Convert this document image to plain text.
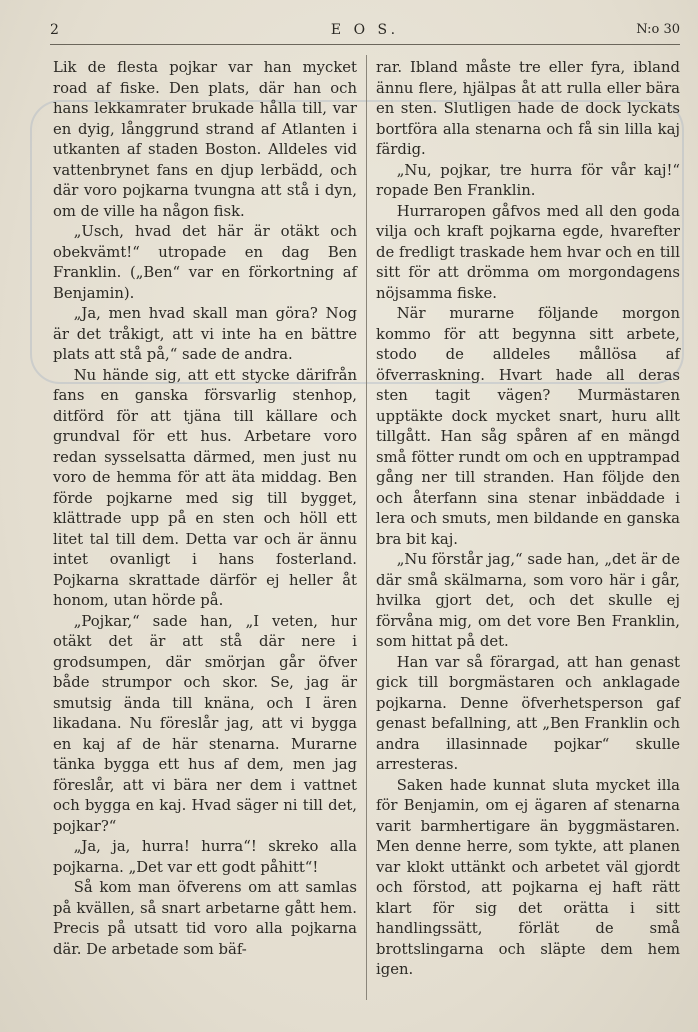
2	E O S.	N:o 30

Lik de flesta pojkar var han mycket road af fiske. Den plats, där han och hans lekkamrater brukade hålla till, var en dyig, långgrund strand af Atlanten i utkanten af staden Boston. Alldeles vid vattenbrynet fans en djup lerbädd, och där voro pojkarna tvungna att stå i dyn, om de ville ha någon fisk.

„Usch, hvad det här är otäkt och obekvämt!“ utropade en dag Ben Franklin. („Ben“ var en förkortning af Benjamin).

„Ja, men hvad skall man göra? Nog är det tråkigt, att vi inte ha en bättre plats att stå på,“ sade de andra.

Nu hände sig, att ett stycke därifrån fans en ganska försvarlig stenhop, ditförd för att tjäna till källare och grundval för ett hus. Arbetare voro redan sysselsatta därmed, men just nu voro de hemma för att äta middag. Ben förde pojkarne med sig till bygget, klättrade upp på en sten och höll ett litet tal till dem. Detta var och är ännu intet ovanligt i hans fosterland. Pojkarna skrattade därför ej heller åt honom, utan hörde på.

„Pojkar,“ sade han, „I veten, hur otäkt det är att stå där nere i grodsumpen, där smörjan går öfver både strumpor och skor. Se, jag är smutsig ända till knäna, och I ären likadana. Nu föreslår jag, att vi bygga en kaj af de här stenarna. Murarne tänka bygga ett hus af dem, men jag föreslår, att vi bära ner dem i vattnet och bygga en kaj. Hvad säger ni till det, pojkar?“

„Ja, ja, hurra! hurra“! skreko alla pojkarna. „Det var ett godt påhitt“!

Så kom man öfverens om att samlas på kvällen, så snart arbetarne gått hem. Precis på utsatt tid voro alla pojkarna där. De arbetade som bäf-

rar. Ibland måste tre eller fyra, ibland ännu flere, hjälpas åt att rulla eller bära en sten. Slutligen hade de dock lyckats bortföra alla stenarna och få sin lilla kaj färdig.

„Nu, pojkar, tre hurra för vår kaj!“ ropade Ben Franklin.

Hurraropen gåfvos med all den goda vilja och kraft pojkarna egde, hvarefter de fredligt traskade hem hvar och en till sitt för att drömma om morgondagens nöjsamma fiske.

När murarne följande morgon kommo för att begynna sitt arbete, stodo de alldeles mållösa af öfverraskning. Hvart hade all deras sten tagit vägen? Murmästaren upptäkte dock mycket snart, huru allt tillgått. Han såg spåren af en mängd små fötter rundt om och en upptrampad gång ner till stranden. Han följde den och återfann sina stenar inbäddade i lera och smuts, men bildande en ganska bra bit kaj.

„Nu förstår jag,“ sade han, „det är de där små skälmarna, som voro här i går, hvilka gjort det, och det skulle ej förvåna mig, om det vore Ben Franklin, som hittat på det.

Han var så förargad, att han genast gick till borgmästaren och anklagade pojkarna. Denne öfverhetsperson gaf genast befallning, att „Ben Franklin och andra illasinnade pojkar“ skulle arresteras.

Saken hade kunnat sluta mycket illa för Benjamin, om ej ägaren af stenarna varit barmhertigare än byggmästaren. Men denne herre, som tykte, att planen var klokt uttänkt och arbetet väl gjordt och förstod, att pojkarna ej haft rätt klart för sig det orätta i sitt handlingssätt, förlät de små brottslingarna och släpte dem hem igen.
